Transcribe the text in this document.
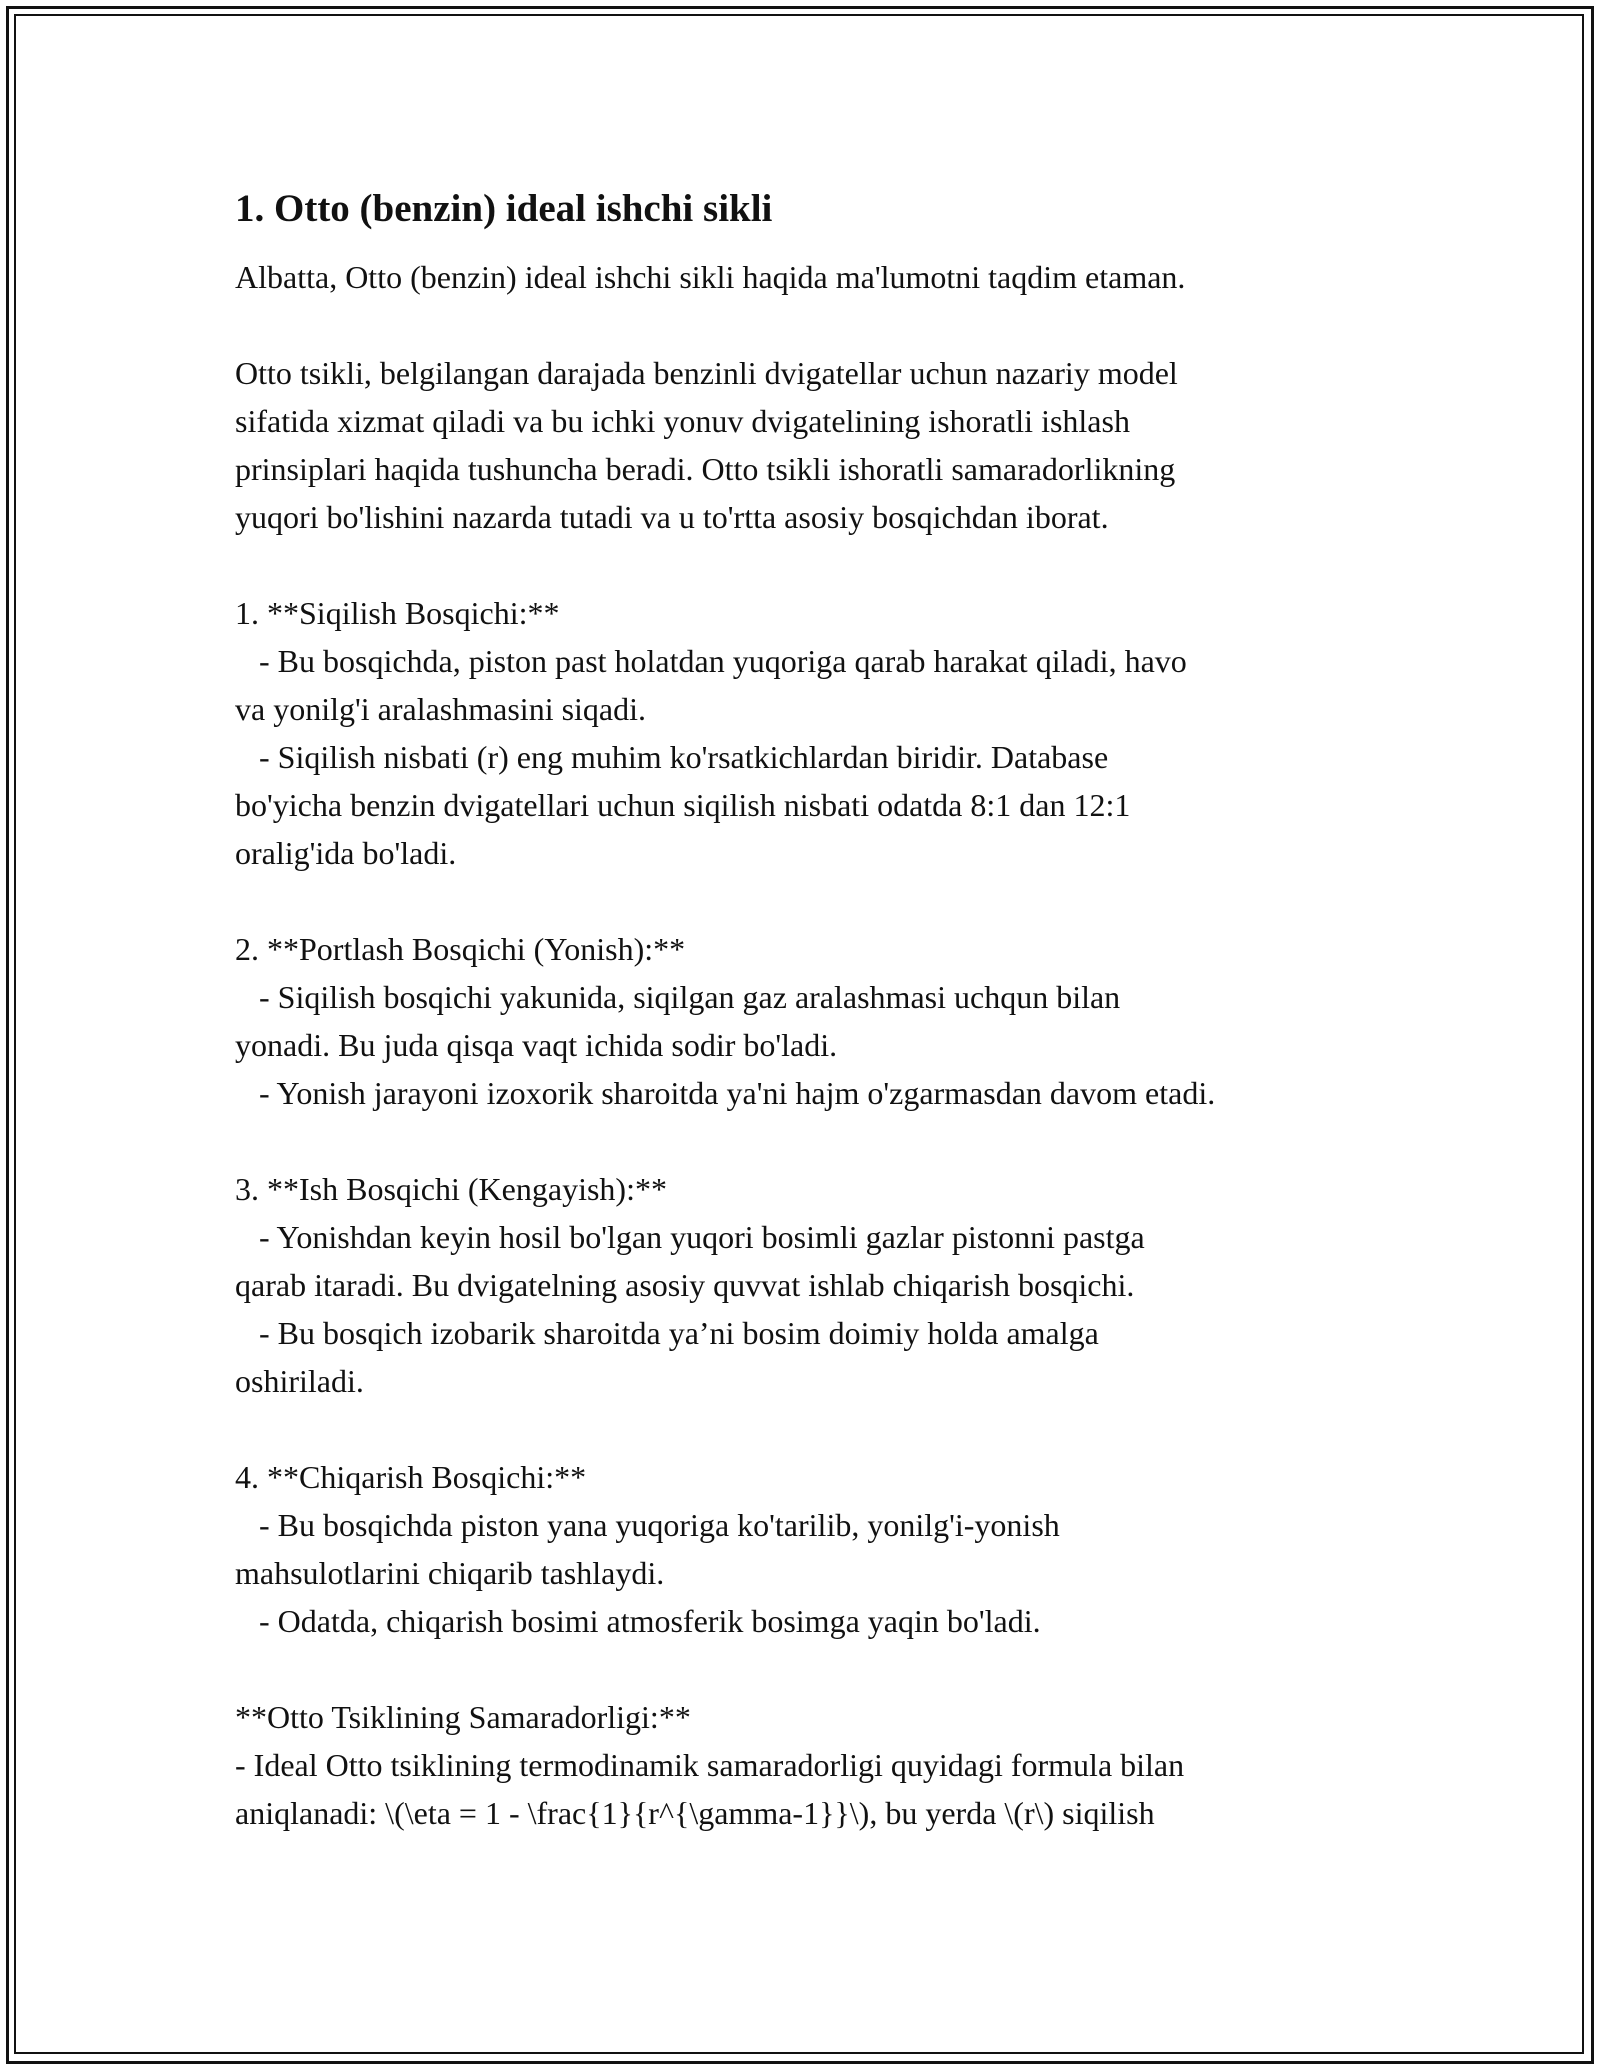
1. Otto (benzin) ideal ishchi sikli

Albatta, Otto (benzin) ideal ishchi sikli haqida ma'lumotni taqdim etaman.

Otto tsikli, belgilangan darajada benzinli dvigatellar uchun nazariy model

sifatida xizmat qiladi va bu ichki yonuv dvigatelining ishoratli ishlash

prinsiplari haqida tushuncha beradi. Otto tsikli ishoratli samaradorlikning

yuqori bo'lishini nazarda tutadi va u to'rtta asosiy bosqichdan iborat.

1. **Siqilish Bosqichi:**

- Bu bosqichda, piston past holatdan yuqoriga qarab harakat qiladi, havo

va yonilg'i aralashmasini siqadi.

- Siqilish nisbati (r) eng muhim ko'rsatkichlardan biridir. Database

bo'yicha benzin dvigatellari uchun siqilish nisbati odatda 8:1 dan 12:1

oralig'ida bo'ladi.

2. **Portlash Bosqichi (Yonish):**

- Siqilish bosqichi yakunida, siqilgan gaz aralashmasi uchqun bilan

yonadi. Bu juda qisqa vaqt ichida sodir bo'ladi.

- Yonish jarayoni izoxorik sharoitda ya'ni hajm o'zgarmasdan davom etadi.

3. **Ish Bosqichi (Kengayish):**

- Yonishdan keyin hosil bo'lgan yuqori bosimli gazlar pistonni pastga

qarab itaradi. Bu dvigatelning asosiy quvvat ishlab chiqarish bosqichi.

- Bu bosqich izobarik sharoitda ya’ni bosim doimiy holda amalga

oshiriladi.

4. **Chiqarish Bosqichi:**

- Bu bosqichda piston yana yuqoriga ko'tarilib, yonilg'i-yonish

mahsulotlarini chiqarib tashlaydi.

- Odatda, chiqarish bosimi atmosferik bosimga yaqin bo'ladi.

**Otto Tsiklining Samaradorligi:**

- Ideal Otto tsiklining termodinamik samaradorligi quyidagi formula bilan

aniqlanadi: \(\eta = 1 - \frac{1}{r^{\gamma-1}}\), bu yerda \(r\) siqilish
